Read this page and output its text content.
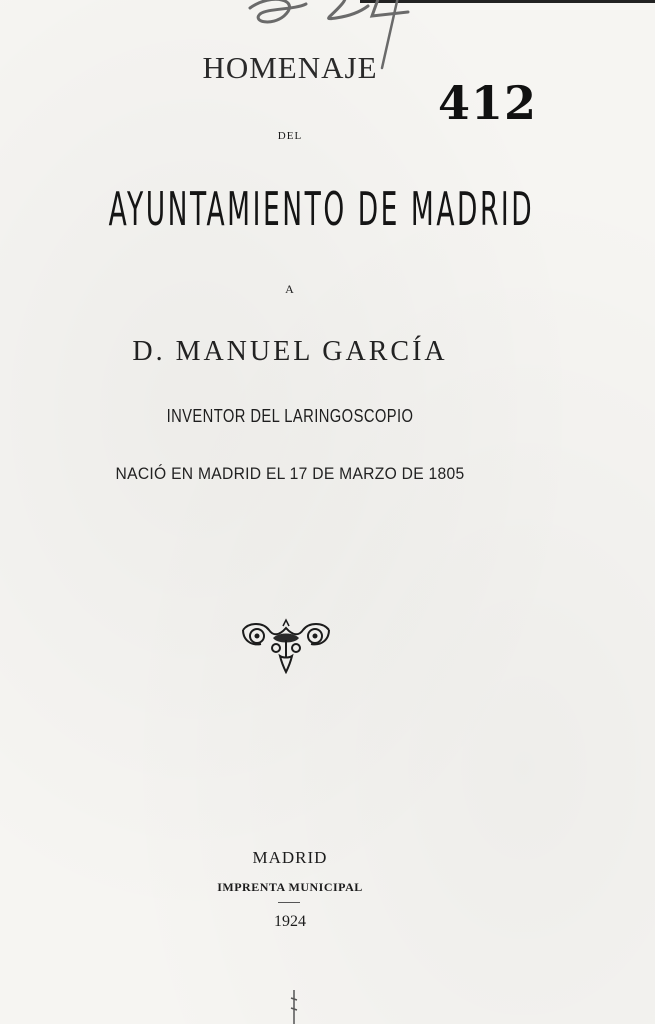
412
HOMENAJE
DEL
AYUNTAMIENTO DE MADRID
A
D. MANUEL GARCÍA
INVENTOR DEL LARINGOSCOPIO
NACIÓ EN MADRID EL 17 DE MARZO DE 1805
MADRID
IMPRENTA MUNICIPAL
1924
